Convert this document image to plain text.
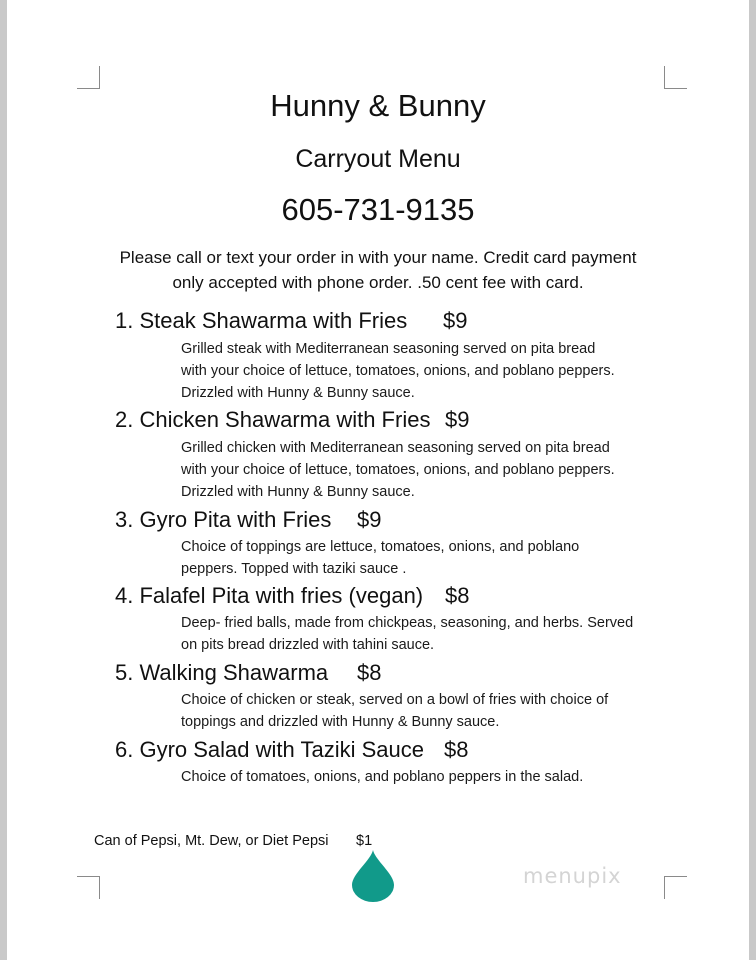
Hunny & Bunny
Carryout Menu
605-731-9135
Please call or text your order in with your name. Credit card payment
only accepted with phone order. .50 cent fee with card.
1. Steak Shawarma with Fries $9
Grilled steak with Mediterranean seasoning served on pita bread
with your choice of lettuce, tomatoes, onions, and poblano peppers.
Drizzled with Hunny & Bunny sauce.
2. Chicken Shawarma with Fries $9
Grilled chicken with Mediterranean seasoning served on pita bread
with your choice of lettuce, tomatoes, onions, and poblano peppers.
Drizzled with Hunny & Bunny sauce.
3. Gyro Pita with Fries $9
Choice of toppings are lettuce, tomatoes, onions, and poblano
peppers. Topped with taziki sauce .
4. Falafel Pita with fries (vegan) $8
Deep- fried balls, made from chickpeas, seasoning, and herbs. Served
on pits bread drizzled with tahini sauce.
5. Walking Shawarma $8
Choice of chicken or steak, served on a bowl of fries with choice of
toppings and drizzled with Hunny & Bunny sauce.
6. Gyro Salad with Taziki Sauce $8
Choice of tomatoes, onions, and poblano peppers in the salad.
Can of Pepsi, Mt. Dew, or Diet Pepsi $1
menupix
